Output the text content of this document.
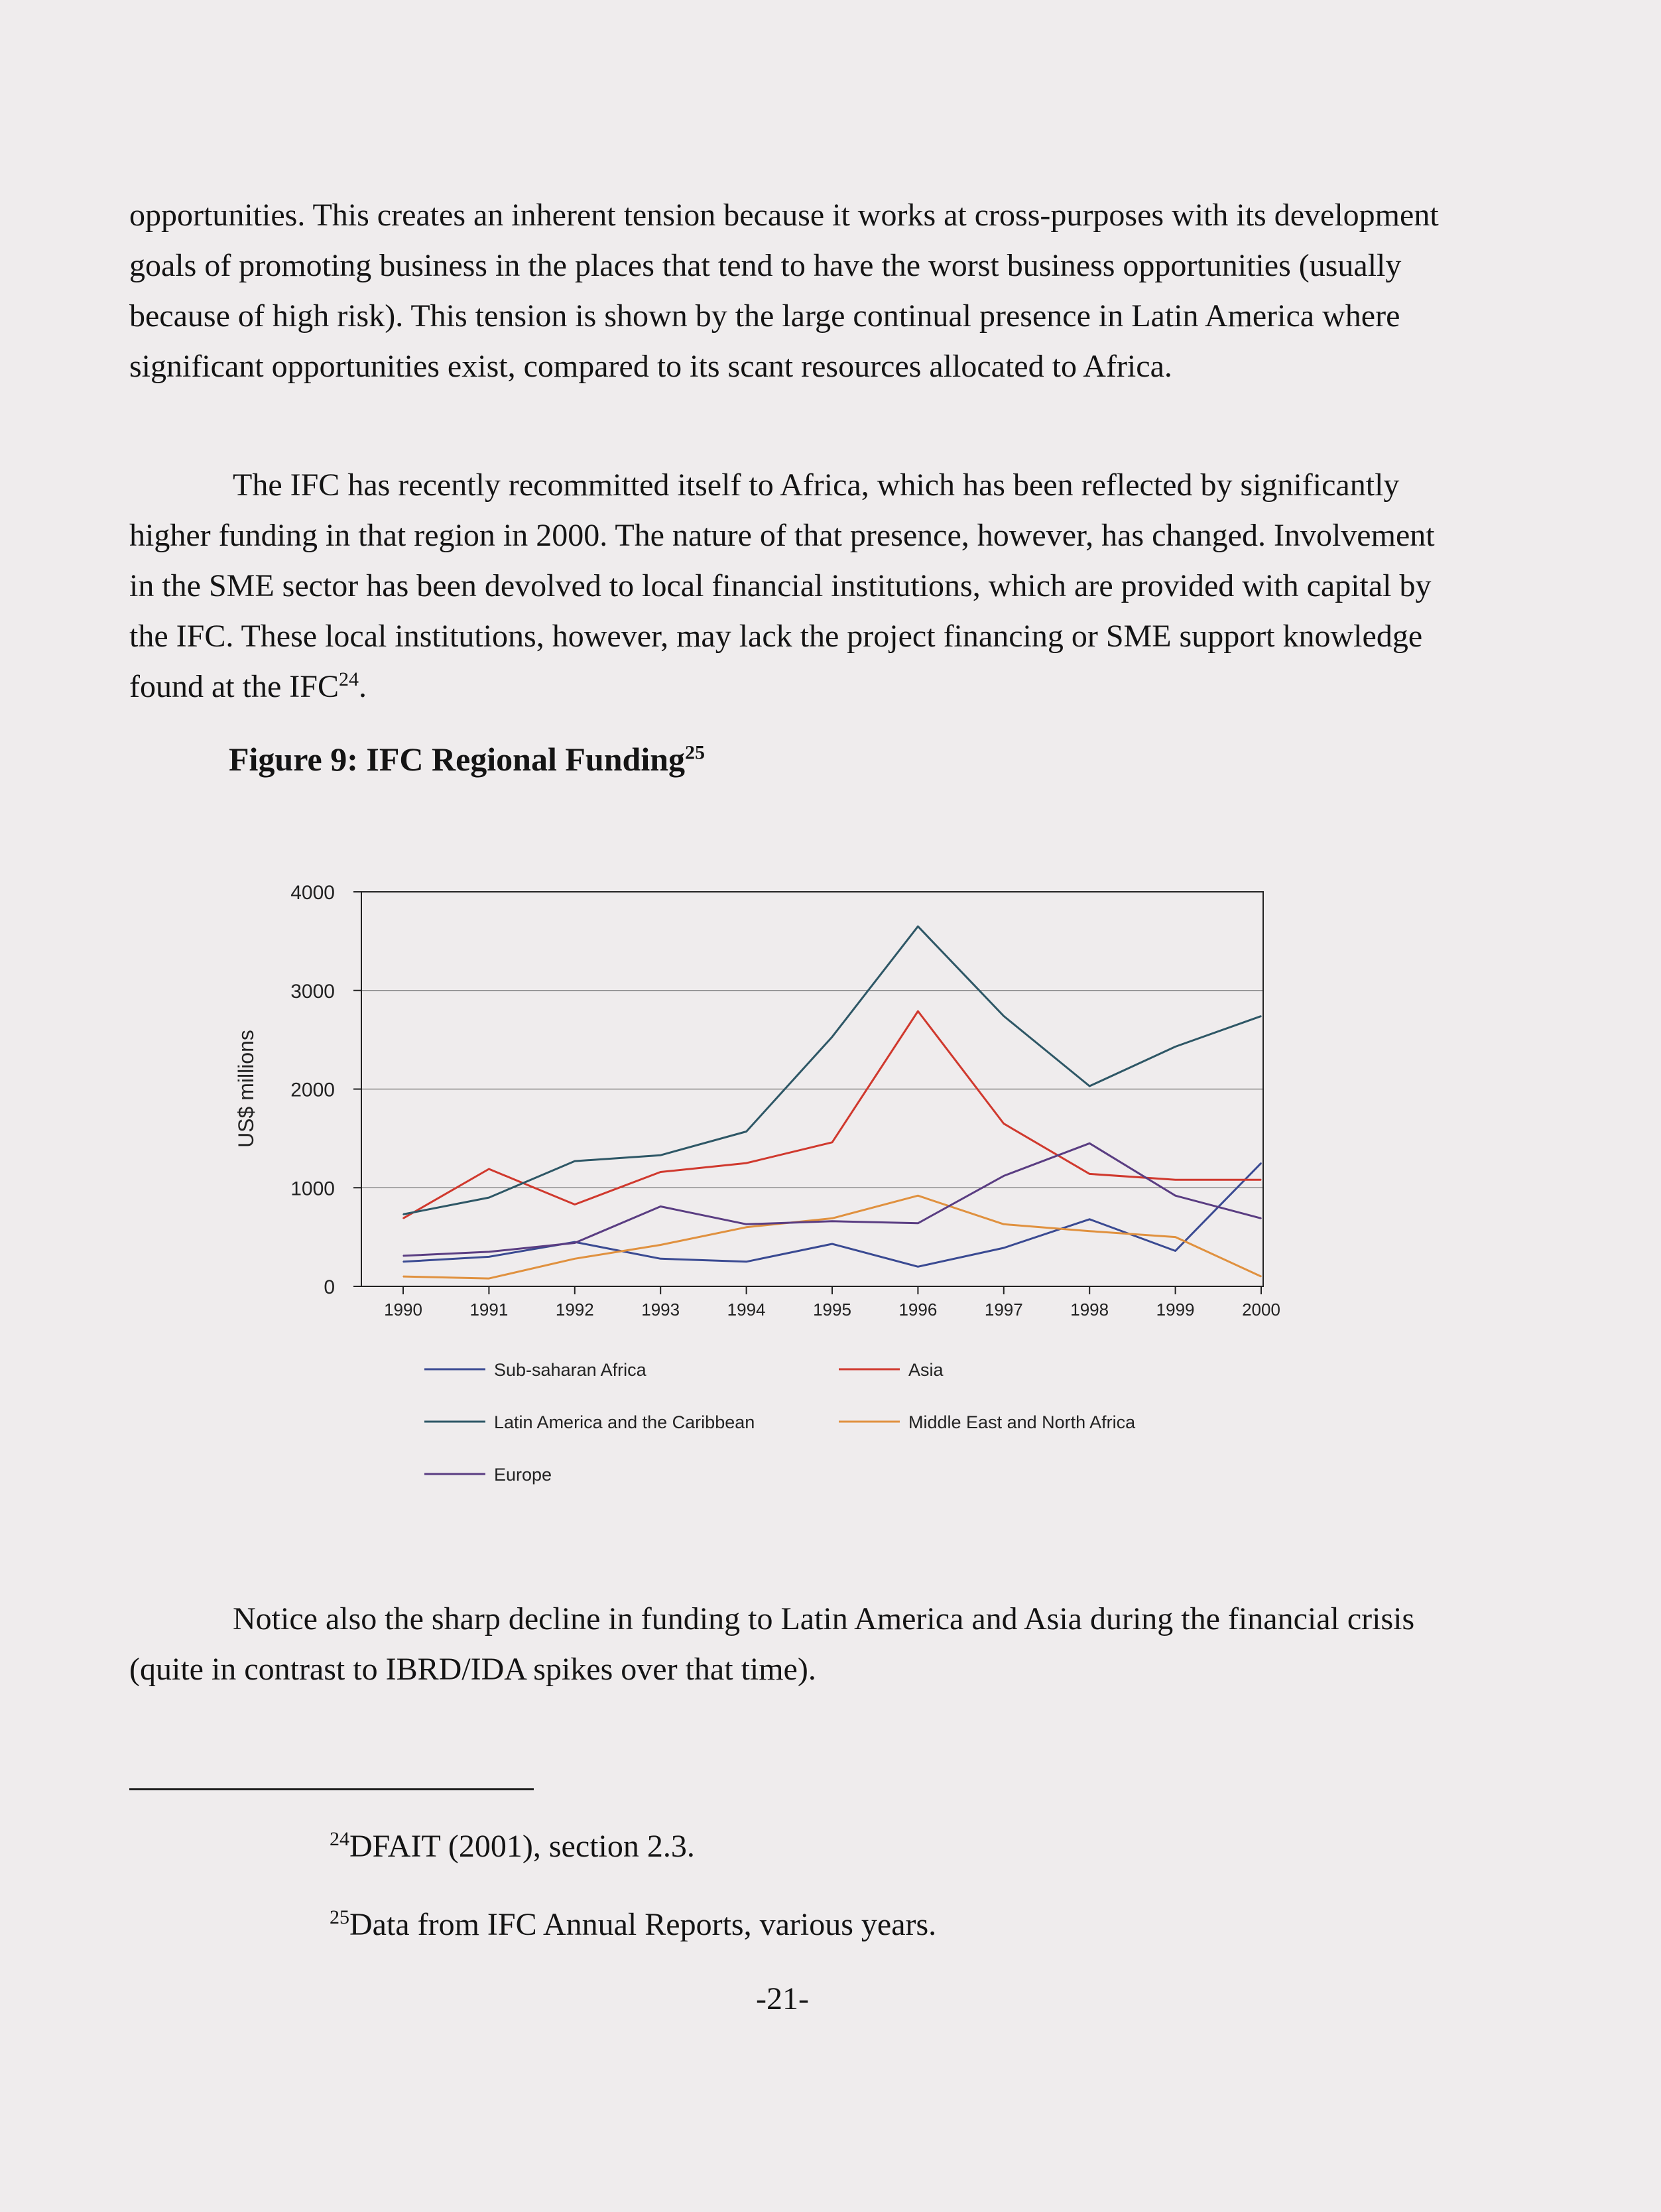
opportunities. This creates an inherent tension because it works at cross-purposes with its development goals of promoting business in the places that tend to have the worst business opportunities (usually because of high risk). This tension is shown by the large continual presence in Latin America where significant opportunities exist, compared to its scant resources allocated to Africa.

The IFC has recently recommitted itself to Africa, which has been reflected by significantly higher funding in that region in 2000. The nature of that presence, however, has changed. Involvement in the SME sector has been devolved to local financial institutions, which are provided with capital by the IFC. These local institutions, however, may lack the project financing or SME support knowledge found at the IFC$^{24}$.

Figure 9: IFC Regional Funding$^{25}$

0
1000
2000
3000
4000
1990	1991	1992	1993	1994	1995	1996	1997	1998	1999	2000
US$ millions
Sub-saharan Africa	Asia
Latin America and the Caribbean	Middle East and North Africa
Europe

Notice also the sharp decline in funding to Latin America and Asia during the financial crisis (quite in contrast to IBRD/IDA spikes over that time).

$^{24}$DFAIT (2001), section 2.3.

$^{25}$Data from IFC Annual Reports, various years.

-21-
